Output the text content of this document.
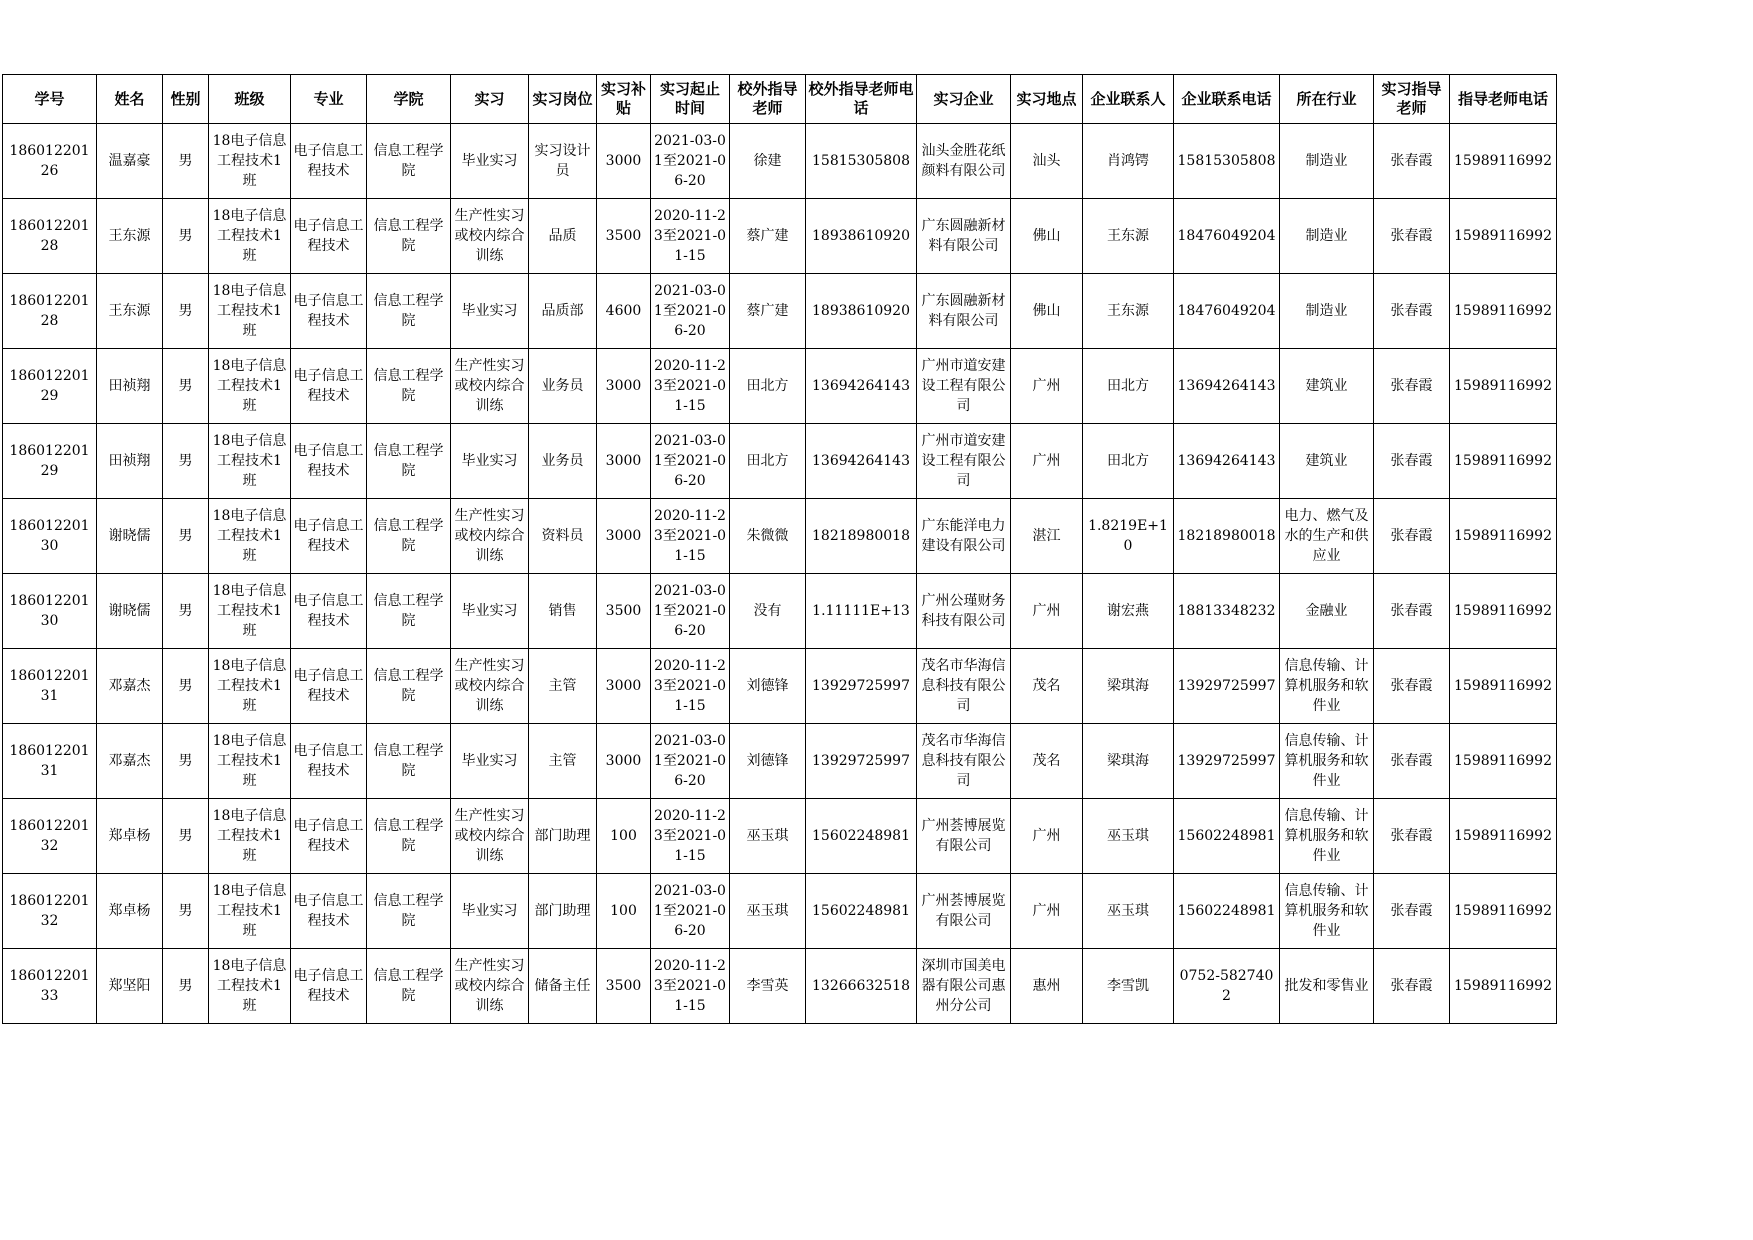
学号	姓名	性别	班级	专业	学院	实习	实习岗位	实习补贴	实习起止时间	校外指导老师	校外指导老师电话	实习企业	实习地点	企业联系人	企业联系电话	所在行业	实习指导老师	指导老师电话

18601220126	温嘉豪	男	18电子信息工程技术1班	电子信息工程技术	信息工程学院	毕业实习	实习设计员	3000	2021-03-01至2021-06-20	徐建	15815305808	汕头金胜花纸颜料有限公司	汕头	肖鸿锷	15815305808	制造业	张春霞	15989116992

18601220128	王东源	男	18电子信息工程技术1班	电子信息工程技术	信息工程学院	生产性实习或校内综合训练	品质	3500	2020-11-23至2021-01-15	蔡广建	18938610920	广东圆融新材料有限公司	佛山	王东源	18476049204	制造业	张春霞	15989116992

18601220128	王东源	男	18电子信息工程技术1班	电子信息工程技术	信息工程学院	毕业实习	品质部	4600	2021-03-01至2021-06-20	蔡广建	18938610920	广东圆融新材料有限公司	佛山	王东源	18476049204	制造业	张春霞	15989116992

18601220129	田祯翔	男	18电子信息工程技术1班	电子信息工程技术	信息工程学院	生产性实习或校内综合训练	业务员	3000	2020-11-23至2021-01-15	田北方	13694264143	广州市道安建设工程有限公司	广州	田北方	13694264143	建筑业	张春霞	15989116992

18601220129	田祯翔	男	18电子信息工程技术1班	电子信息工程技术	信息工程学院	毕业实习	业务员	3000	2021-03-01至2021-06-20	田北方	13694264143	广州市道安建设工程有限公司	广州	田北方	13694264143	建筑业	张春霞	15989116992

18601220130	谢晓儒	男	18电子信息工程技术1班	电子信息工程技术	信息工程学院	生产性实习或校内综合训练	资料员	3000	2020-11-23至2021-01-15	朱微微	18218980018	广东能洋电力建设有限公司	湛江	1.8219E+10	18218980018	电力、燃气及水的生产和供应业	张春霞	15989116992

18601220130	谢晓儒	男	18电子信息工程技术1班	电子信息工程技术	信息工程学院	毕业实习	销售	3500	2021-03-01至2021-06-20	没有	1.11111E+13	广州公瑾财务科技有限公司	广州	谢宏燕	18813348232	金融业	张春霞	15989116992

18601220131	邓嘉杰	男	18电子信息工程技术1班	电子信息工程技术	信息工程学院	生产性实习或校内综合训练	主管	3000	2020-11-23至2021-01-15	刘德锋	13929725997	茂名市华海信息科技有限公司	茂名	梁琪海	13929725997	信息传输、计算机服务和软件业	张春霞	15989116992

18601220131	邓嘉杰	男	18电子信息工程技术1班	电子信息工程技术	信息工程学院	毕业实习	主管	3000	2021-03-01至2021-06-20	刘德锋	13929725997	茂名市华海信息科技有限公司	茂名	梁琪海	13929725997	信息传输、计算机服务和软件业	张春霞	15989116992

18601220132	郑卓杨	男	18电子信息工程技术1班	电子信息工程技术	信息工程学院	生产性实习或校内综合训练	部门助理	100	2020-11-23至2021-01-15	巫玉琪	15602248981	广州荟博展览有限公司	广州	巫玉琪	15602248981	信息传输、计算机服务和软件业	张春霞	15989116992

18601220132	郑卓杨	男	18电子信息工程技术1班	电子信息工程技术	信息工程学院	毕业实习	部门助理	100	2021-03-01至2021-06-20	巫玉琪	15602248981	广州荟博展览有限公司	广州	巫玉琪	15602248981	信息传输、计算机服务和软件业	张春霞	15989116992

18601220133	郑坚阳	男	18电子信息工程技术1班	电子信息工程技术	信息工程学院	生产性实习或校内综合训练	储备主任	3500	2020-11-23至2021-01-15	李雪英	13266632518	深圳市国美电器有限公司惠州分公司	惠州	李雪凯	0752-5827402	批发和零售业	张春霞	15989116992
